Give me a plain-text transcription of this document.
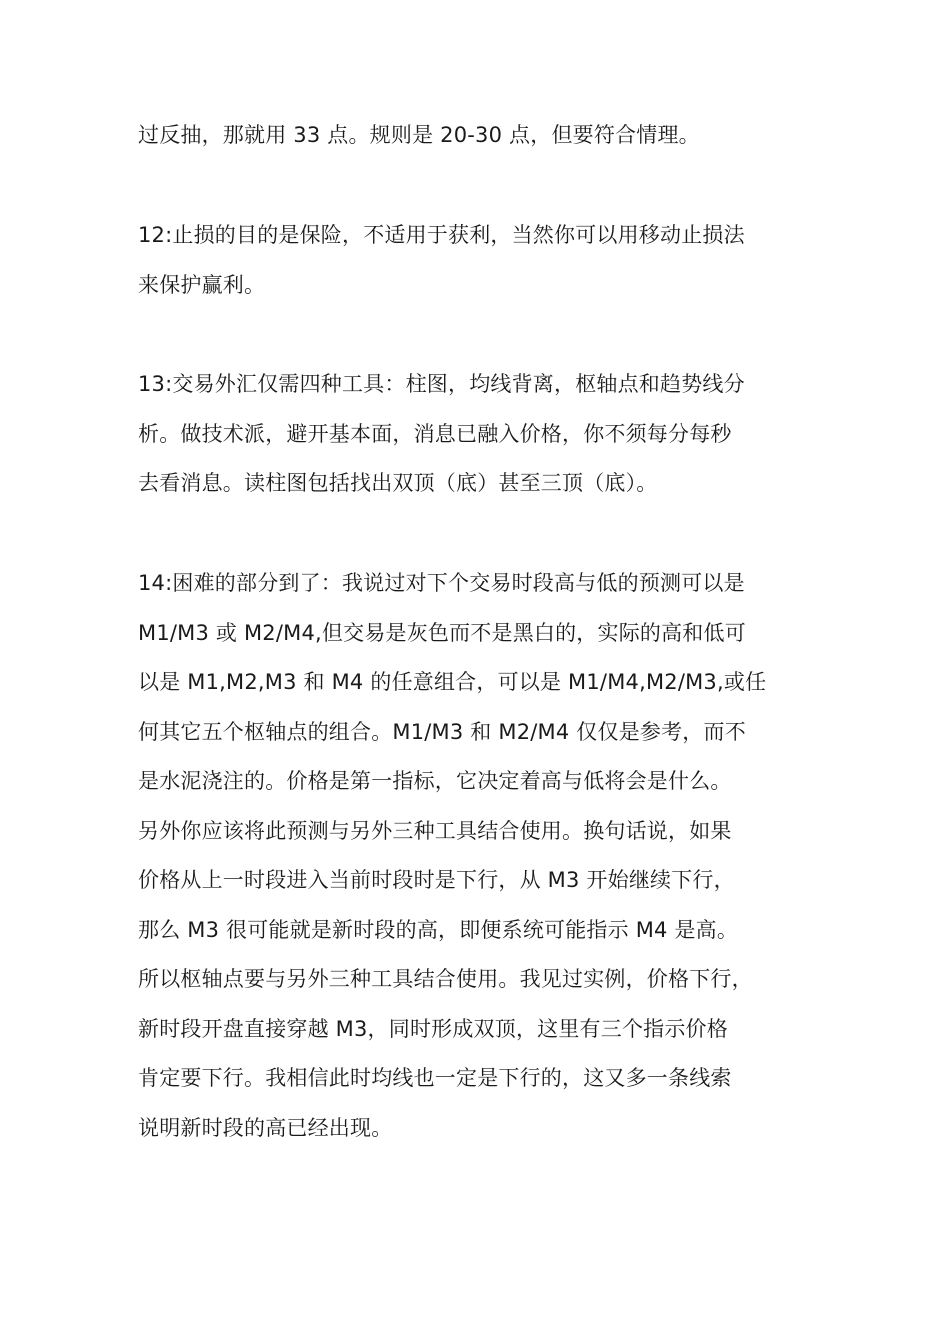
过反抽，那就用 33 点。规则是 20-30 点，但要符合情理。
12:止损的目的是保险，不适用于获利，当然你可以用移动止损法
来保护赢利。
13:交易外汇仅需四种工具：柱图，均线背离，枢轴点和趋势线分
析。做技术派，避开基本面，消息已融入价格，你不须每分每秒
去看消息。读柱图包括找出双顶（底）甚至三顶（底）。
14:困难的部分到了：我说过对下个交易时段高与低的预测可以是
M1/M3 或 M2/M4,但交易是灰色而不是黑白的，实际的高和低可
以是 M1,M2,M3 和 M4 的任意组合，可以是 M1/M4,M2/M3,或任
何其它五个枢轴点的组合。M1/M3 和 M2/M4 仅仅是参考，而不
是水泥浇注的。价格是第一指标，它决定着高与低将会是什么。
另外你应该将此预测与另外三种工具结合使用。换句话说，如果
价格从上一时段进入当前时段时是下行，从 M3 开始继续下行，
那么 M3 很可能就是新时段的高，即便系统可能指示 M4 是高。
所以枢轴点要与另外三种工具结合使用。我见过实例，价格下行，
新时段开盘直接穿越 M3，同时形成双顶，这里有三个指示价格
肯定要下行。我相信此时均线也一定是下行的，这又多一条线索
说明新时段的高已经出现。
